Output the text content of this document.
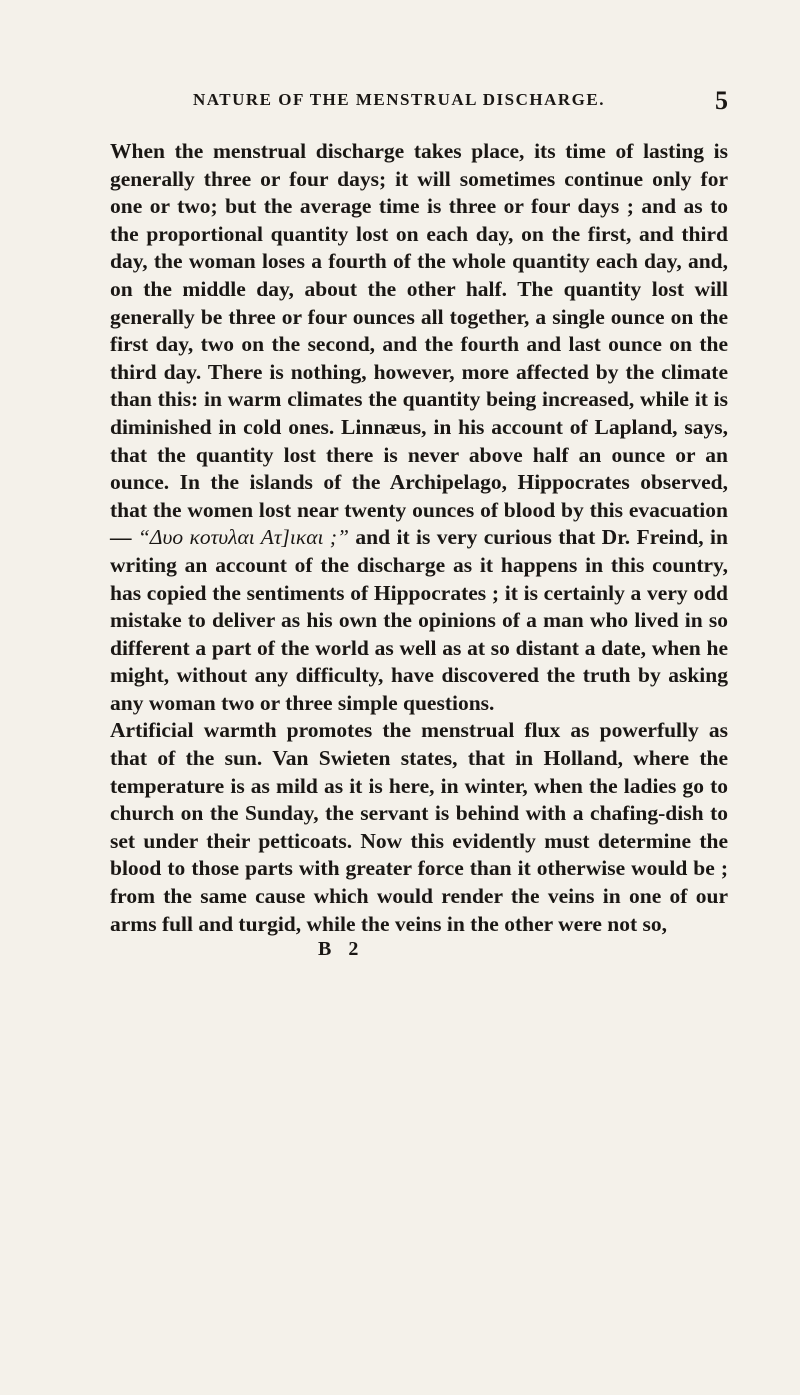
NATURE OF THE MENSTRUAL DISCHARGE.	5

When the menstrual discharge takes place, its time of lasting is generally three or four days; it will sometimes continue only for one or two; but the average time is three or four days ; and as to the proportional quantity lost on each day, on the first, and third day, the woman loses a fourth of the whole quantity each day, and, on the middle day, about the other half. The quantity lost will generally be three or four ounces all together, a single ounce on the first day, two on the second, and the fourth and last ounce on the third day. There is nothing, however, more affected by the climate than this: in warm climates the quantity being increased, while it is diminished in cold ones. Linnæus, in his account of Lapland, says, that the quantity lost there is never above half an ounce or an ounce. In the islands of the Archipelago, Hippocrates observed, that the women lost near twenty ounces of blood by this evacuation— “Δυο κοτυλαι Ατ]ικαι ;” and it is very curious that Dr. Freind, in writing an account of the discharge as it happens in this country, has copied the sentiments of Hippocrates ; it is certainly a very odd mistake to deliver as his own the opinions of a man who lived in so different a part of the world as well as at so distant a date, when he might, without any difficulty, have discovered the truth by asking any woman two or three simple questions.

Artificial warmth promotes the menstrual flux as powerfully as that of the sun. Van Swieten states, that in Holland, where the temperature is as mild as it is here, in winter, when the ladies go to church on the Sunday, the servant is behind with a chafing-dish to set under their petticoats. Now this evidently must determine the blood to those parts with greater force than it otherwise would be ; from the same cause which would render the veins in one of our arms full and turgid, while the veins in the other were not so,

B 2
